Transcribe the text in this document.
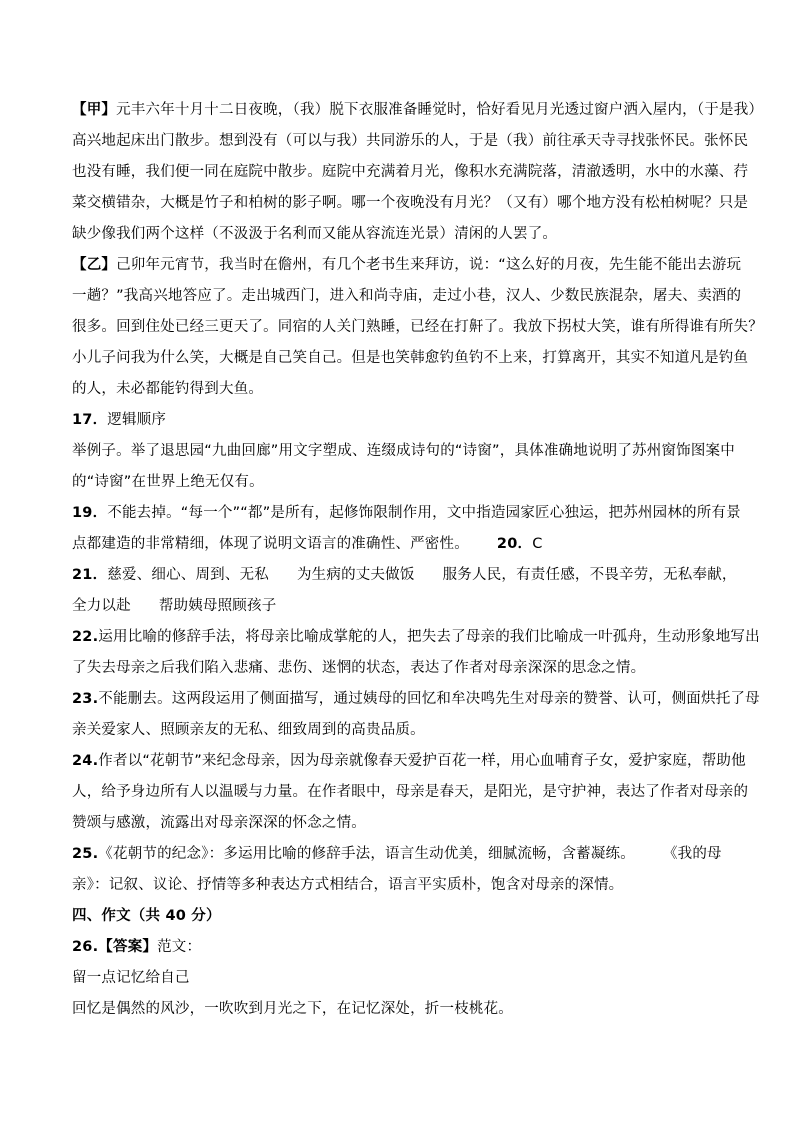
【甲】元丰六年十月十二日夜晚，（我）脱下衣服准备睡觉时，恰好看见月光透过窗户洒入屋内，（于是我）
高兴地起床出门散步。想到没有（可以与我）共同游乐的人，于是（我）前往承天寺寻找张怀民。张怀民
也没有睡，我们便一同在庭院中散步。庭院中充满着月光，像积水充满院落，清澈透明，水中的水藻、荇
菜交横错杂，大概是竹子和柏树的影子啊。哪一个夜晚没有月光？（又有）哪个地方没有松柏树呢？只是
缺少像我们两个这样（不汲汲于名利而又能从容流连光景）清闲的人罢了。
【乙】己卯年元宵节，我当时在儋州，有几个老书生来拜访，说：“这么好的月夜，先生能不能出去游玩
一趟？”我高兴地答应了。走出城西门，进入和尚寺庙，走过小巷，汉人、少数民族混杂，屠夫、卖酒的
很多。回到住处已经三更天了。同宿的人关门熟睡，已经在打鼾了。我放下拐杖大笑，谁有所得谁有所失？
小儿子问我为什么笑，大概是自己笑自己。但是也笑韩愈钓鱼钓不上来，打算离开，其实不知道凡是钓鱼
的人，未必都能钓得到大鱼。
17．逻辑顺序
举例子。举了退思园“九曲回廊”用文字塑成、连缀成诗句的“诗窗”，具体准确地说明了苏州窗饰图案中
的“诗窗”在世界上绝无仅有。
19．不能去掉。“每一个”“都”是所有，起修饰限制作用，文中指造园家匠心独运，把苏州园林的所有景
点都建造的非常精细，体现了说明文语言的准确性、严密性。 20．C
21．慈爱、细心、周到、无私 为生病的丈夫做饭 服务人民，有责任感，不畏辛劳，无私奉献，
全力以赴 帮助姨母照顾孩子
22.运用比喻的修辞手法，将母亲比喻成掌舵的人，把失去了母亲的我们比喻成一叶孤舟，生动形象地写出
了失去母亲之后我们陷入悲痛、悲伤、迷惘的状态，表达了作者对母亲深深的思念之情。
23.不能删去。这两段运用了侧面描写，通过姨母的回忆和牟决鸣先生对母亲的赞誉、认可，侧面烘托了母
亲关爱家人、照顾亲友的无私、细致周到的高贵品质。
24.作者以“花朝节”来纪念母亲，因为母亲就像春天爱护百花一样，用心血哺育子女，爱护家庭，帮助他
人，给予身边所有人以温暖与力量。在作者眼中，母亲是春天，是阳光，是守护神，表达了作者对母亲的
赞颂与感激，流露出对母亲深深的怀念之情。
25.《花朝节的纪念》：多运用比喻的修辞手法，语言生动优美，细腻流畅，含蓄凝练。 《我的母
亲》：记叙、议论、抒情等多种表达方式相结合，语言平实质朴，饱含对母亲的深情。
四、作文（共 40 分）
26.【答案】范文：
留一点记忆给自己
回忆是偶然的风沙，一吹吹到月光之下，在记忆深处，折一枝桃花。
